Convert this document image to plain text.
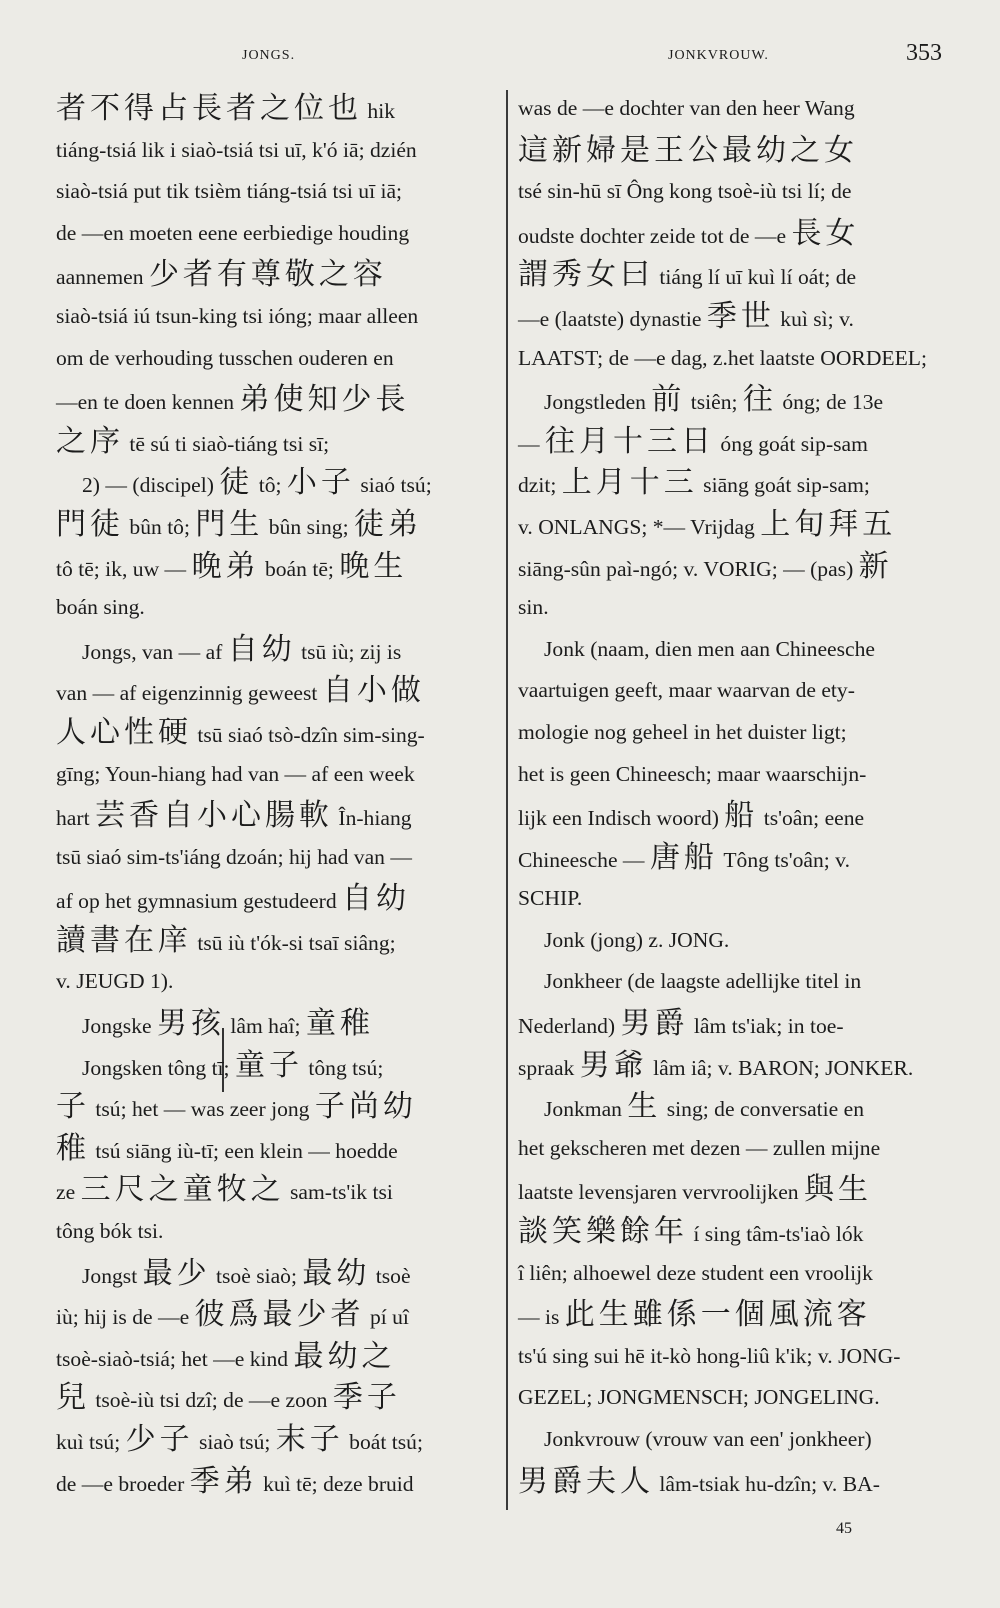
JONGS.	JONKVROUW.	353
者不得占長者之位也 hik
tiáng-tsiá lik i siaò-tsiá tsi uī, k'ó iā; dzién
siaò-tsiá put tik tsièm tiáng-tsiá tsi uī iā;
de —en moeten eene eerbiedige houding
aannemen 少者有尊敬之容
siaò-tsiá iú tsun-king tsi ióng; maar alleen
om de verhouding tusschen ouderen en
—en te doen kennen 弟使知少長
之序 tē sú ti siaò-tiáng tsi sī;
2) — (discipel) 徒 tô; 小子 siaó tsú;
門徒 bûn tô; 門生 bûn sing; 徒弟
tô tē; ik, uw — 晚弟 boán tē; 晚生
boán sing.
Jongs, van — af 自幼 tsū iù; zij is
van — af eigenzinnig geweest 自小做
人心性硬 tsū siaó tsò-dzîn sim-sing-
gīng; Youn-hiang had van — af een week
hart 芸香自小心腸軟 În-hiang
tsū siaó sim-ts'iáng dzoán; hij had van —
af op het gymnasium gestudeerd 自幼
讀書在庠 tsū iù t'ók-si tsaī siâng;
v. JEUGD 1).
Jongske 男孩 lâm haî; 童稚
Jongsken tông tī; 童子 tông tsú;
子 tsú; het — was zeer jong 子尚幼
稚 tsú siāng iù-tī; een klein — hoedde
ze 三尺之童牧之 sam-ts'ik tsi
tông bók tsi.
Jongst 最少 tsoè siaò; 最幼 tsoè
iù; hij is de —e 彼爲最少者 pí uî
tsoè-siaò-tsiá; het —e kind 最幼之
兒 tsoè-iù tsi dzî; de —e zoon 季子
kuì tsú; 少子 siaò tsú; 末子 boát tsú;
de —e broeder 季弟 kuì tē; deze bruid
was de —e dochter van den heer Wang
這新婦是王公最幼之女
tsé sin-hū sī Ông kong tsoè-iù tsi lí; de
oudste dochter zeide tot de —e 長女
謂秀女曰 tiáng lí uī kuì lí oát; de
—e (laatste) dynastie 季世 kuì sì; v.
LAATST; de —e dag, z.het laatste OORDEEL;
Jongstleden 前 tsiên; 往 óng; de 13e
— 往月十三日 óng goát sip-sam
dzit; 上月十三 siāng goát sip-sam;
v. ONLANGS; *— Vrijdag 上旬拜五
siāng-sûn paì-ngó; v. VORIG; — (pas) 新
sin.
Jonk (naam, dien men aan Chineesche
vaartuigen geeft, maar waarvan de ety-
mologie nog geheel in het duister ligt;
het is geen Chineesch; maar waarschijn-
lijk een Indisch woord) 船 ts'oân; eene
Chineesche — 唐船 Tông ts'oân; v.
SCHIP.
Jonk (jong) z. JONG.
Jonkheer (de laagste adellijke titel in
Nederland) 男爵 lâm ts'iak; in toe-
spraak 男爺 lâm iâ; v. BARON; JONKER.
Jonkman 生 sing; de conversatie en
het gekscheren met dezen — zullen mijne
laatste levensjaren vervroolijken 與生
談笑樂餘年 í sing tâm-ts'iaò lók
î liên; alhoewel deze student een vroolijk
— is 此生雖係一個風流客
ts'ú sing sui hē it-kò hong-liû k'ik; v. JONG-
GEZEL; JONGMENSCH; JONGELING.
Jonkvrouw (vrouw van een' jonkheer)
男爵夫人 lâm-tsiak hu-dzîn; v. BA-
45
